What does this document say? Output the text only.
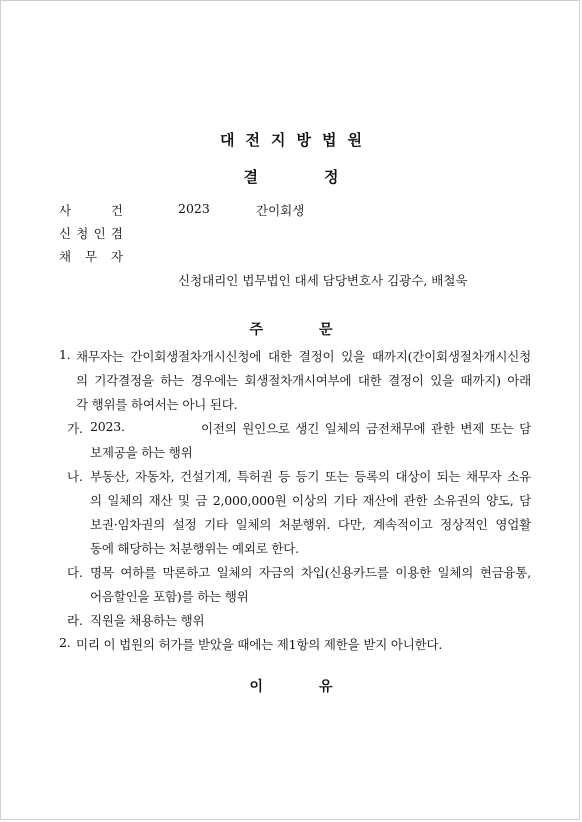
대전지방법원
결	정
사	건	2023	간이회생
신 청 인 겸
채 무 자
신청대리인 법무법인 대세 담당변호사 김광수, 배철욱
주	문
1. 채무자는 간이회생절차개시신청에 대한 결정이 있을 때까지(간이회생절차개시신청
의 기각결정을 하는 경우에는 회생절차개시여부에 대한 결정이 있을 때까지) 아래
각 행위를 하여서는 아니 된다.
가. 2023.	이전의 원인으로 생긴 일체의 금전채무에 관한 변제 또는 담
보제공을 하는 행위
나. 부동산, 자동차, 건설기계, 특허권 등 등기 또는 등록의 대상이 되는 채무자 소유
의 일체의 재산 및 금 2,000,000원 이상의 기타 재산에 관한 소유권의 양도, 담
보권·임차권의 설정 기타 일체의 처분행위. 다만, 계속적이고 정상적인 영업활
동에 해당하는 처분행위는 예외로 한다.
다. 명목 여하를 막론하고 일체의 자금의 차입(신용카드를 이용한 일체의 현금융통,
어음할인을 포함)를 하는 행위
라. 직원을 채용하는 행위
2. 미리 이 법원의 허가를 받았을 때에는 제1항의 제한을 받지 아니한다.
이	유
